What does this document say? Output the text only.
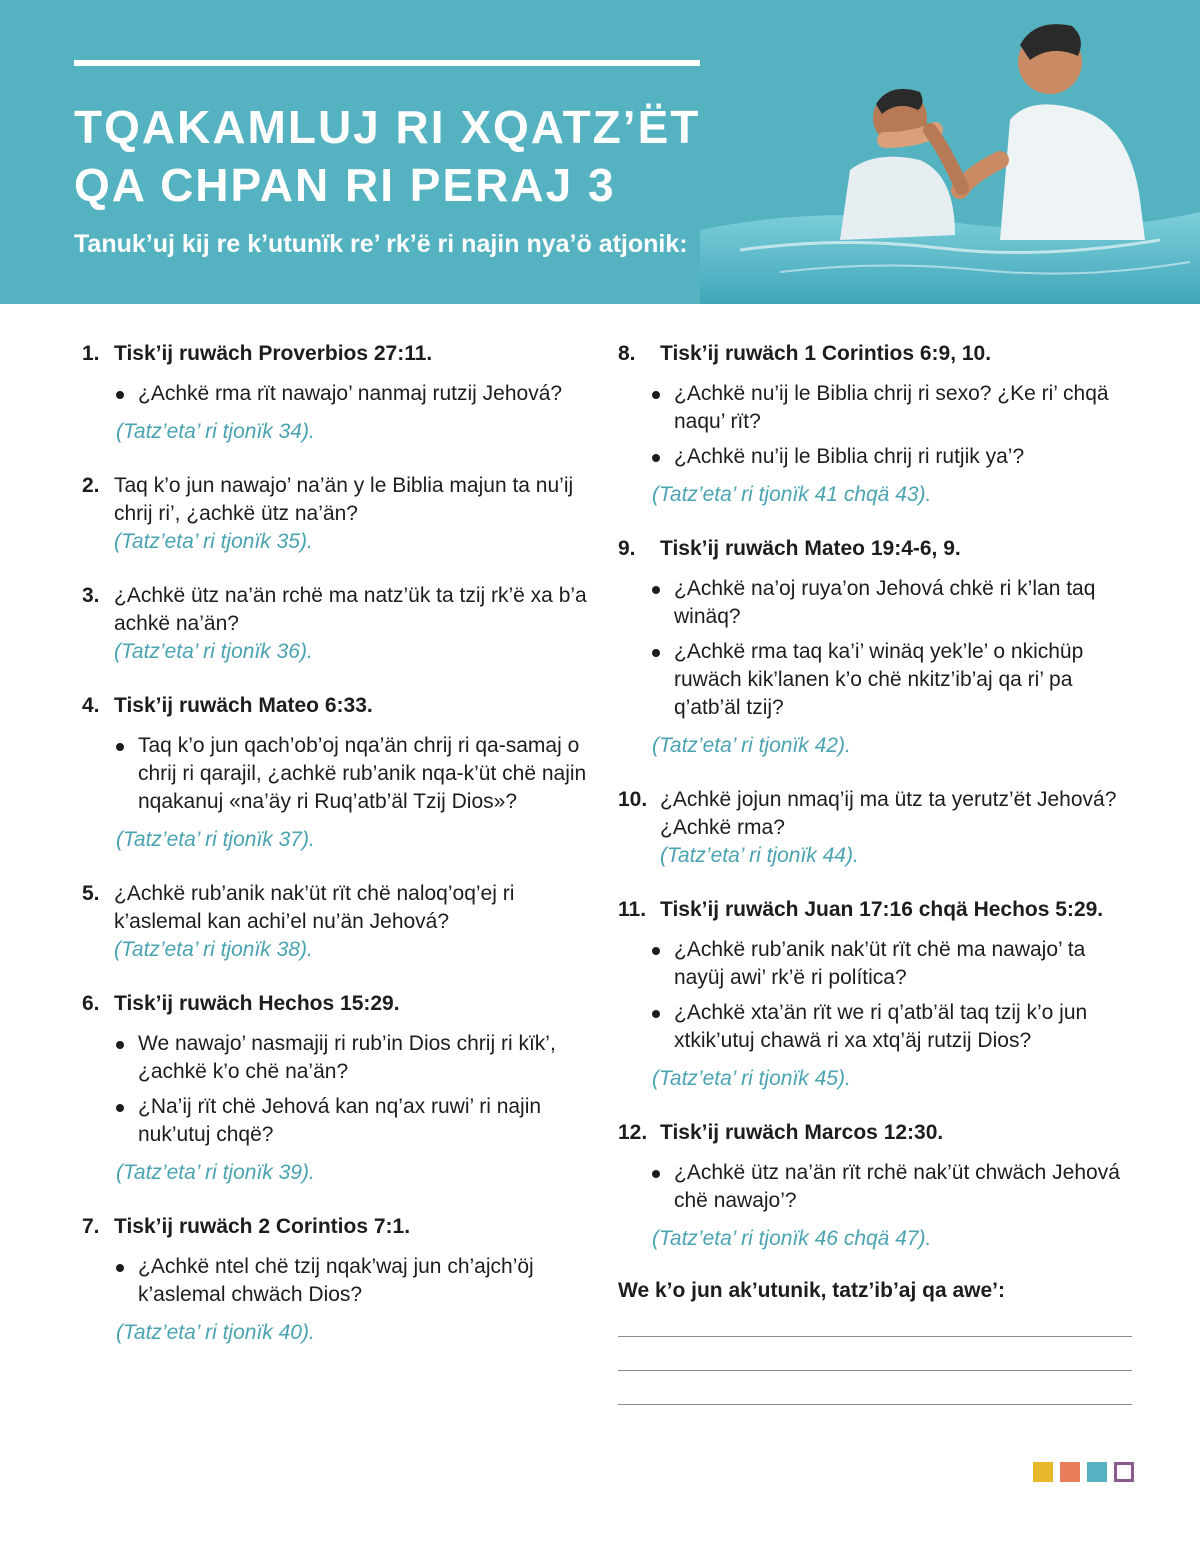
TQAKAMLUJ RI XQATZ’ËT
QA CHPAN RI PERAJ 3
Tanuk’uj kij re k’utunïk re’ rk’ë ri najin nya’ö atjonik:
1. Tisk’ij ruwäch Proverbios 27:11.
¿Achkë rma rït nawajo’ nanmaj rutzij Jehová?
(Tatz’eta’ ri tjonïk 34).
2. Taq k’o jun nawajo’ na’än y le Biblia majun ta nu’ij chrij ri’, ¿achkë ütz na’än?
(Tatz’eta’ ri tjonïk 35).
3. ¿Achkë ütz na’än rchë ma natz’ük ta tzij rk’ë xa b’a achkë na’än?
(Tatz’eta’ ri tjonïk 36).
4. Tisk’ij ruwäch Mateo 6:33.
Taq k’o jun qach’ob’oj nqa’än chrij ri qa-samaj o chrij ri qarajil, ¿achkë rub’anik nqa-k’üt chë najin nqakanuj «na’äy ri Ruq’atb’äl Tzij Dios»?
(Tatz’eta’ ri tjonïk 37).
5. ¿Achkë rub’anik nak’üt rït chë naloq’oq’ej ri k’aslemal kan achi’el nu’än Jehová?
(Tatz’eta’ ri tjonïk 38).
6. Tisk’ij ruwäch Hechos 15:29.
We nawajo’ nasmajij ri rub’in Dios chrij ri kïk’, ¿achkë k’o chë na’än?
¿Na’ij rït chë Jehová kan nq’ax ruwi’ ri najin nuk’utuj chqë?
(Tatz’eta’ ri tjonïk 39).
7. Tisk’ij ruwäch 2 Corintios 7:1.
¿Achkë ntel chë tzij nqak’waj jun ch’ajch’öj k’aslemal chwäch Dios?
(Tatz’eta’ ri tjonïk 40).
8.	Tisk’ij ruwäch 1 Corintios 6:9, 10.
¿Achkë nu’ij le Biblia chrij ri sexo? ¿Ke ri’ chqä naqu’ rït?
¿Achkë nu’ij le Biblia chrij ri rutjik ya’?
(Tatz’eta’ ri tjonïk 41 chqä 43).
9.	Tisk’ij ruwäch Mateo 19:4-6, 9.
¿Achkë na’oj ruya’on Jehová chkë ri k’lan taq winäq?
¿Achkë rma taq ka’i’ winäq yek’le’ o nkichüp ruwäch kik’lanen k’o chë nkitz’ib’aj qa ri’ pa q’atb’äl tzij?
(Tatz’eta’ ri tjonïk 42).
10. ¿Achkë jojun nmaq’ij ma ütz ta yerutz’ët Jehová? ¿Achkë rma?
(Tatz’eta’ ri tjonïk 44).
11. Tisk’ij ruwäch Juan 17:16 chqä Hechos 5:29.
¿Achkë rub’anik nak’üt rït chë ma nawajo’ ta nayüj awi’ rk’ë ri política?
¿Achkë xta’än rït we ri q’atb’äl taq tzij k’o jun xtkik’utuj chawä ri xa xtq’äj rutzij Dios?
(Tatz’eta’ ri tjonïk 45).
12. Tisk’ij ruwäch Marcos 12:30.
¿Achkë ütz na’än rït rchë nak’üt chwäch Jehová chë nawajo’?
(Tatz’eta’ ri tjonïk 46 chqä 47).
We k’o jun ak’utunik, tatz’ib’aj qa awe’:
